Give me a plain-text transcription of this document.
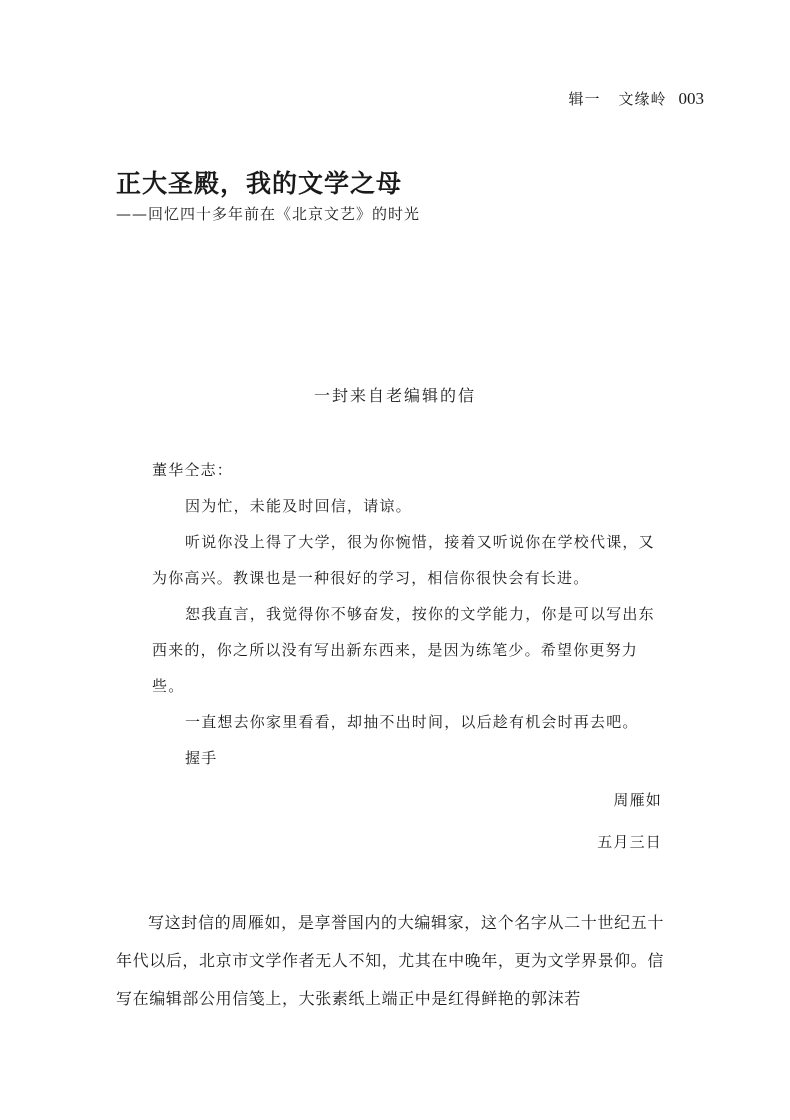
辑一 文缘岭 003
正大圣殿，我的文学之母
——回忆四十多年前在《北京文艺》的时光
一封来自老编辑的信

董华仝志：

因为忙，未能及时回信，请谅。

听说你没上得了大学，很为你惋惜，接着又听说你在学校代课，又为你高兴。教课也是一种很好的学习，相信你很快会有长进。

恕我直言，我觉得你不够奋发，按你的文学能力，你是可以写出东西来的，你之所以没有写出新东西来，是因为练笔少。希望你更努力些。

一直想去你家里看看，却抽不出时间，以后趁有机会时再去吧。

握手

周雁如

五月三日

写这封信的周雁如，是享誉国内的大编辑家，这个名字从二十世纪五十年代以后，北京市文学作者无人不知，尤其在中晚年，更为文学界景仰。信写在编辑部公用信笺上，大张素纸上端正中是红得鲜艳的郭沫若
